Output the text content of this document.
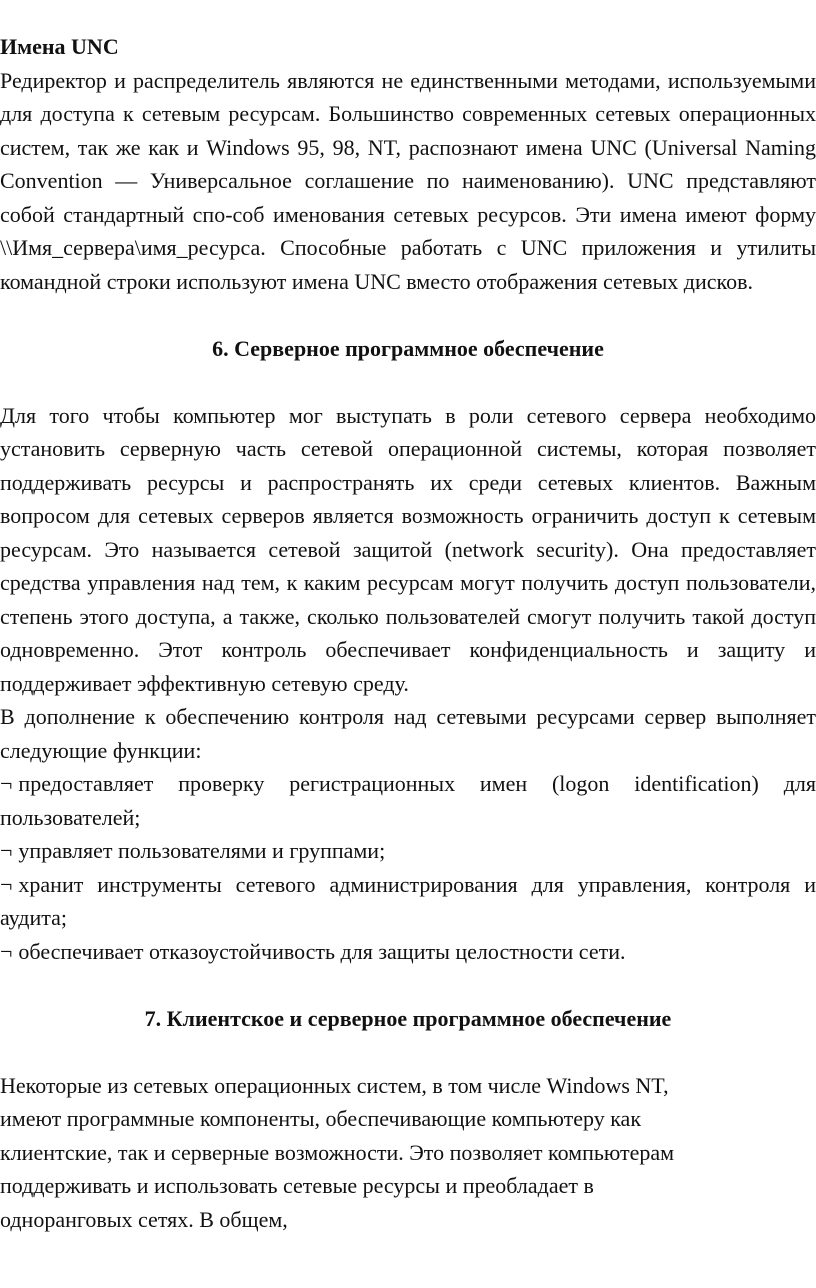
Имена UNC

Редиректор и распределитель являются не единственными методами, используемыми для доступа к сетевым ресурсам. Большинство современных сетевых операционных систем, так же как и Windows 95, 98, NT, распознают имена UNC (Universal Naming Convention — Универсальное соглашение по наименованию). UNC представляют собой стандартный спо-соб именования сетевых ресурсов. Эти имена имеют форму \\Имя_сервера\имя_ресурса. Способные работать с UNC приложения и утилиты командной строки используют имена UNC вместо отображения сетевых дисков.

6. Серверное программное обеспечение

Для того чтобы компьютер мог выступать в роли сетевого сервера необходимо установить серверную часть сетевой операционной системы, которая позволяет поддерживать ресурсы и распространять их среди сетевых клиентов. Важным вопросом для сетевых серверов является возможность ограничить доступ к сетевым ресурсам. Это называется сетевой защитой (network security). Она предоставляет средства управления над тем, к каким ресурсам могут получить доступ пользователи, степень этого доступа, а также, сколько пользователей смогут получить такой доступ одновременно. Этот контроль обеспечивает конфиденциальность и защиту и поддерживает эффективную сетевую среду.

В дополнение к обеспечению контроля над сетевыми ресурсами сервер выполняет следующие функции:

¬ предоставляет проверку регистрационных имен (logon identification) для пользователей;

¬ управляет пользователями и группами;

¬ хранит инструменты сетевого администрирования для управления, контроля и аудита;

¬ обеспечивает отказоустойчивость для защиты целостности сети.

7. Клиентское и серверное программное обеспечение

Некоторые из сетевых операционных систем, в том числе Windows NT,

имеют программные компоненты, обеспечивающие компьютеру как

клиентские, так и серверные возможности. Это позволяет компьютерам

поддерживать и использовать сетевые ресурсы и преобладает в

одноранговых сетях. В общем,
